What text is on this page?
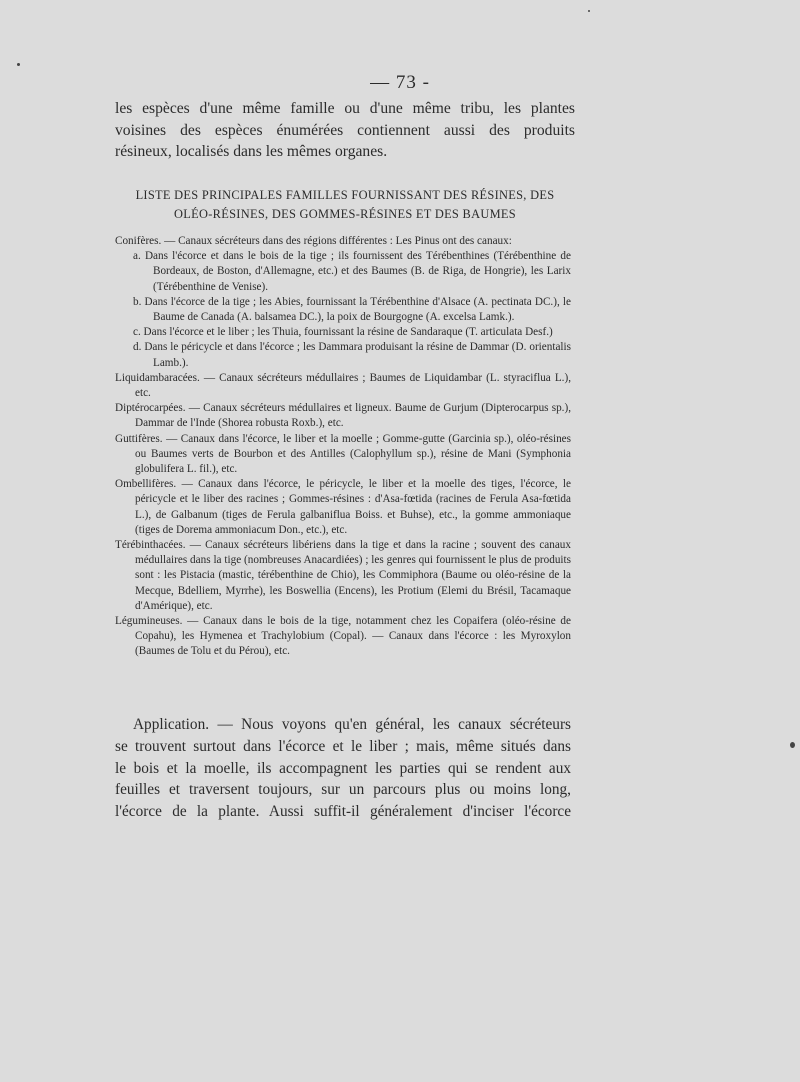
— 73 -
les espèces d'une même famille ou d'une même tribu, les plantes
voisines des espèces énumérées contiennent aussi des produits
résineux, localisés dans les mêmes organes.
LISTE DES PRINCIPALES FAMILLES FOURNISSANT DES RÉSINES, DES
OLÉO-RÉSINES, DES GOMMES-RÉSINES ET DES BAUMES
Conifères. — Canaux sécréteurs dans des régions différentes : Les Pinus ont des canaux:
a. Dans l'écorce et dans le bois de la tige ; ils fournissent des Térébenthines (Térébenthine de Bordeaux, de Boston, d'Allemagne, etc.) et des Baumes (B. de Riga, de Hongrie), les Larix (Térébenthine de Venise).
b. Dans l'écorce de la tige ; les Abies, fournissant la Térébenthine d'Alsace (A. pectinata DC.), le Baume de Canada (A. balsamea DC.), la poix de Bourgogne (A. excelsa Lamk.).
c. Dans l'écorce et le liber ; les Thuia, fournissant la résine de Sandaraque (T. articulata Desf.)
d. Dans le péricycle et dans l'écorce ; les Dammara produisant la résine de Dammar (D. orientalis Lamb.).
Liquidambaracées. — Canaux sécréteurs médullaires ; Baumes de Liquidambar (L. styraciflua L.), etc.
Diptérocarpées. — Canaux sécréteurs médullaires et ligneux. Baume de Gurjum (Dipterocarpus sp.), Dammar de l'Inde (Shorea robusta Roxb.), etc.
Guttifères. — Canaux dans l'écorce, le liber et la moelle ; Gomme-gutte (Garcinia sp.), oléo-résines ou Baumes verts de Bourbon et des Antilles (Calophyllum sp.), résine de Mani (Symphonia globulifera L. fil.), etc.
Ombellifères. — Canaux dans l'écorce, le péricycle, le liber et la moelle des tiges, l'écorce, le péricycle et le liber des racines ; Gommes-résines : d'Asa-fœtida (racines de Ferula Asa-fœtida L.), de Galbanum (tiges de Ferula galbaniflua Boiss. et Buhse), etc., la gomme ammoniaque (tiges de Dorema ammoniacum Don., etc.), etc.
Térébinthacées. — Canaux sécréteurs libériens dans la tige et dans la racine ; souvent des canaux médullaires dans la tige (nombreuses Anacardiées) ; les genres qui fournissent le plus de produits sont : les Pistacia (mastic, térébenthine de Chio), les Commiphora (Baume ou oléo-résine de la Mecque, Bdelliem, Myrrhe), les Boswellia (Encens), les Protium (Elemi du Brésil, Tacamaque d'Amérique), etc.
Légumineuses. — Canaux dans le bois de la tige, notamment chez les Copaifera (oléo-résine de Copahu), les Hymenea et Trachylobium (Copal). — Canaux dans l'écorce : les Myroxylon (Baumes de Tolu et du Pérou), etc.
Application. — Nous voyons qu'en général, les canaux sécréteurs
se trouvent surtout dans l'écorce et le liber ; mais, même situés dans
le bois et la moelle, ils accompagnent les parties qui se rendent aux
feuilles et traversent toujours, sur un parcours plus ou moins long,
l'écorce de la plante. Aussi suffit-il généralement d'inciser l'écorce
